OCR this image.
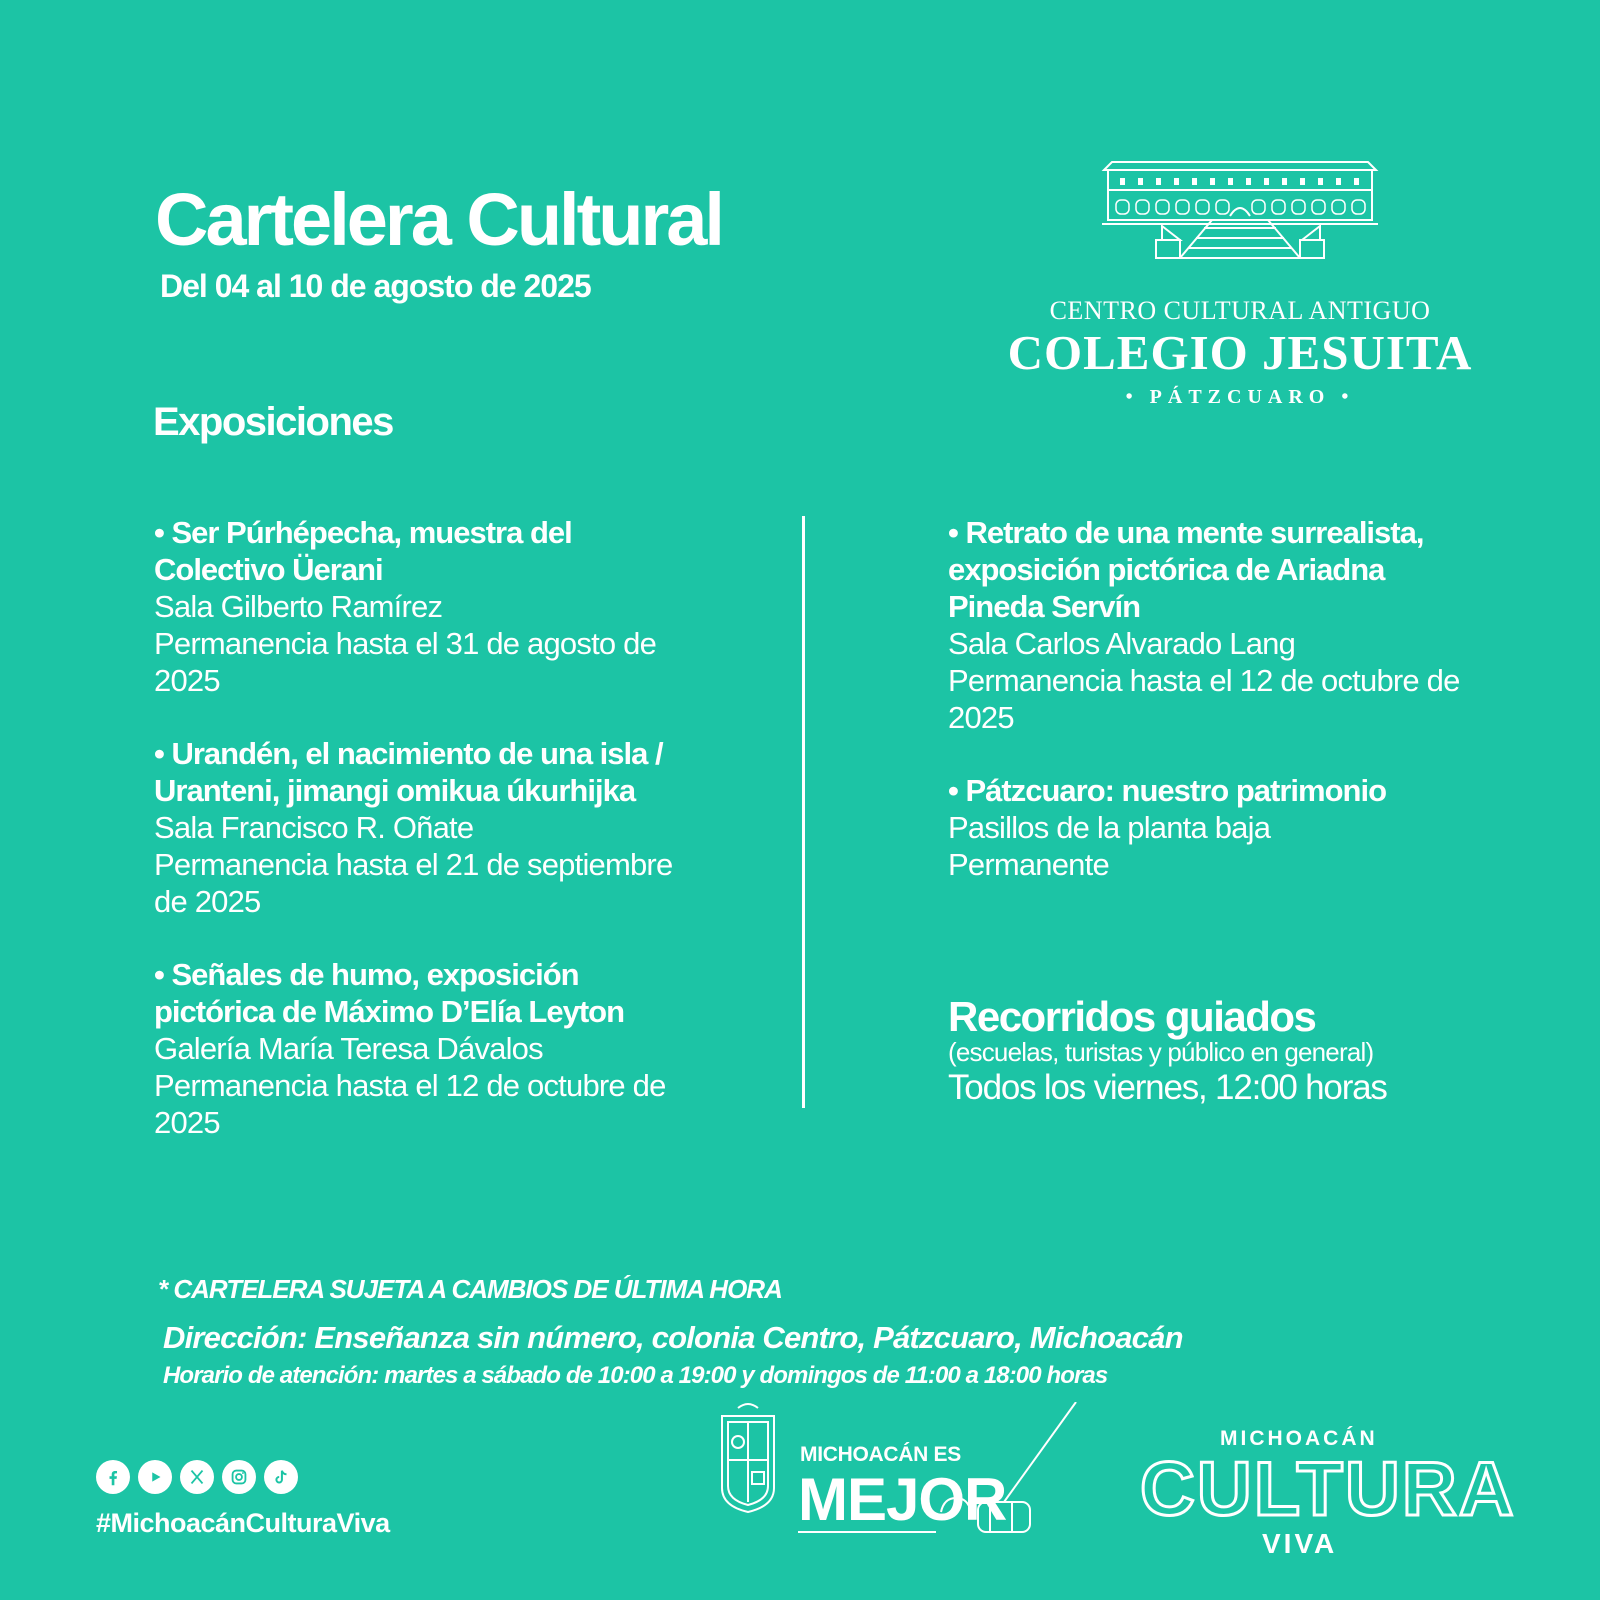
Cartelera Cultural
Del 04 al 10 de agosto de 2025
CENTRO CULTURAL ANTIGUO
COLEGIO JESUITA
• PÁTZCUARO •
Exposiciones
• Ser Púrhépecha, muestra del Colectivo Üerani
Sala Gilberto Ramírez
Permanencia hasta el 31 de agosto de 2025
• Urandén, el nacimiento de una isla / Uranteni, jimangi omikua úkurhijka
Sala Francisco R. Oñate
Permanencia hasta el 21 de septiembre de 2025
• Señales de humo, exposición pictórica de Máximo D’Elía Leyton
Galería María Teresa Dávalos
Permanencia hasta el 12 de octubre de 2025
• Retrato de una mente surrealista, exposición pictórica de Ariadna Pineda Servín
Sala Carlos Alvarado Lang
Permanencia hasta el 12 de octubre de 2025
• Pátzcuaro: nuestro patrimonio
Pasillos de la planta baja
Permanente
Recorridos guiados
(escuelas, turistas y público en general)
Todos los viernes, 12:00 horas
* CARTELERA SUJETA A CAMBIOS DE ÚLTIMA HORA
Dirección: Enseñanza sin número, colonia Centro, Pátzcuaro, Michoacán
Horario de atención: martes a sábado de 10:00 a 19:00 y domingos de 11:00 a 18:00 horas
#MichoacánCulturaViva
MICHOACÁN ES
MEJOR
MICHOACÁN
CULTURA
VIVA
